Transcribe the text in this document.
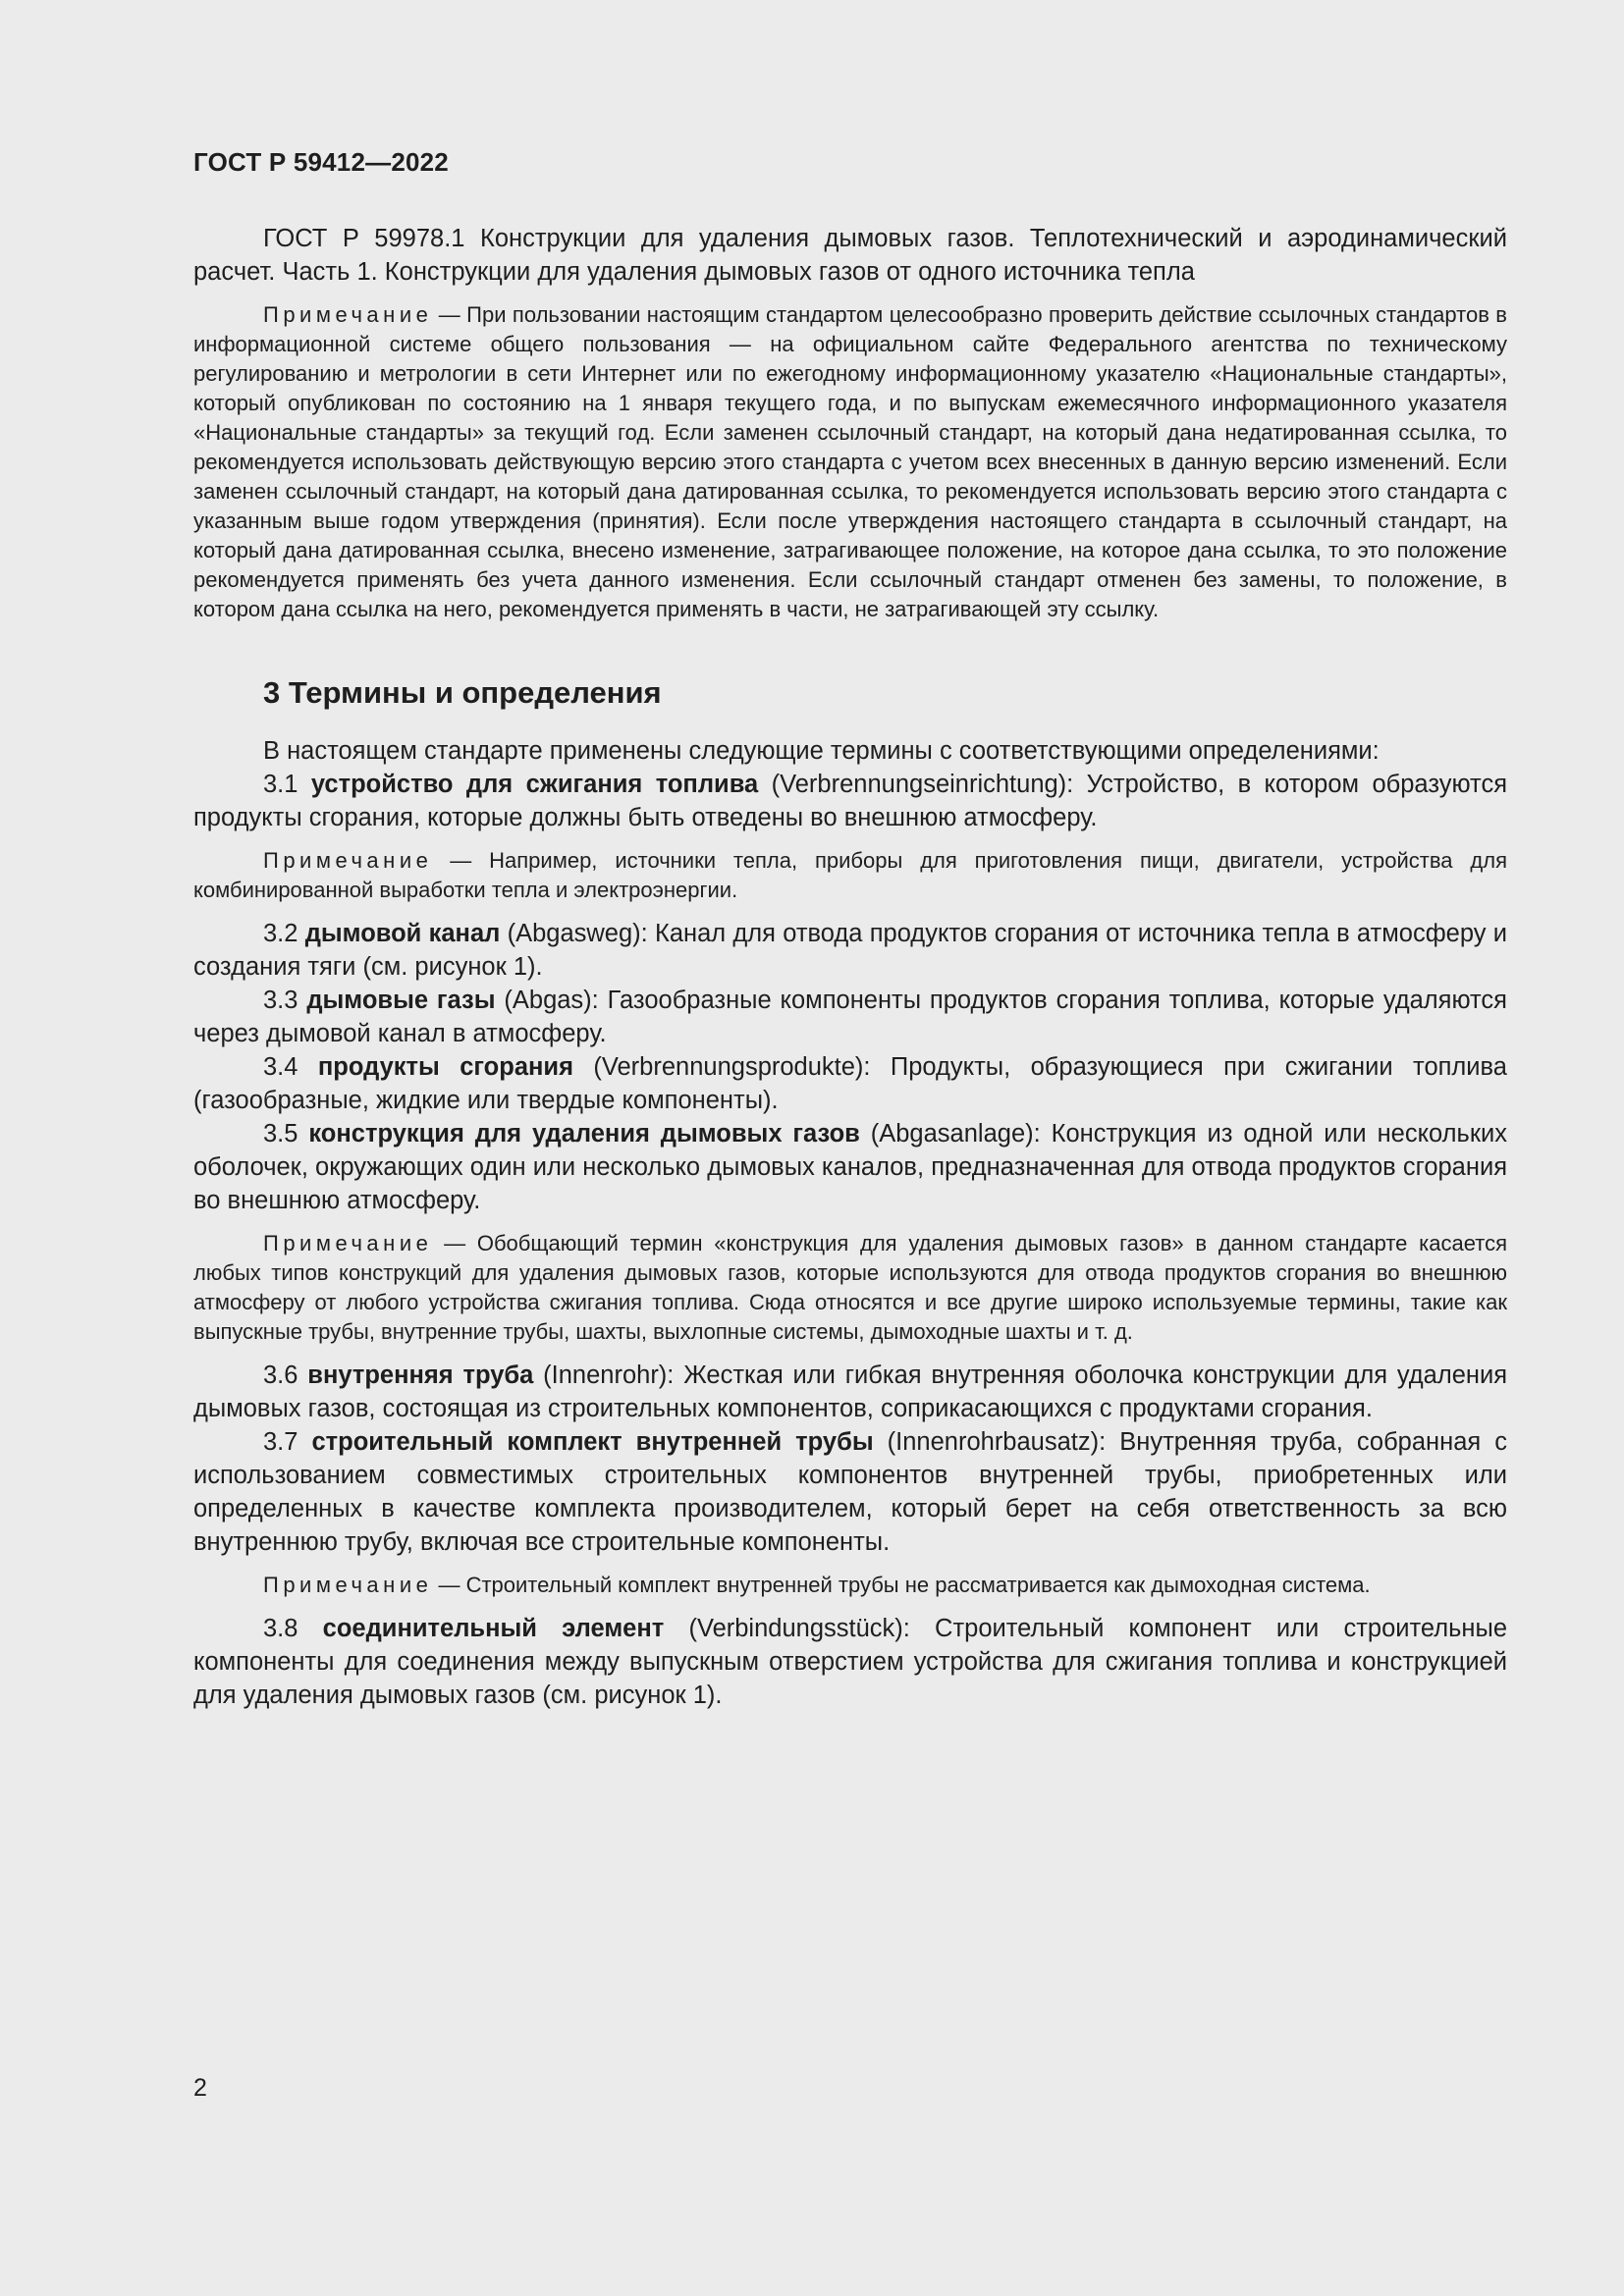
ГОСТ Р 59412—2022

ГОСТ Р 59978.1 Конструкции для удаления дымовых газов. Теплотехнический и аэродинамический расчет. Часть 1. Конструкции для удаления дымовых газов от одного источника тепла

Примечание — При пользовании настоящим стандартом целесообразно проверить действие ссылочных стандартов в информационной системе общего пользования — на официальном сайте Федерального агентства по техническому регулированию и метрологии в сети Интернет или по ежегодному информационному указателю «Национальные стандарты», который опубликован по состоянию на 1 января текущего года, и по выпускам ежемесячного информационного указателя «Национальные стандарты» за текущий год. Если заменен ссылочный стандарт, на который дана недатированная ссылка, то рекомендуется использовать действующую версию этого стандарта с учетом всех внесенных в данную версию изменений. Если заменен ссылочный стандарт, на который дана датированная ссылка, то рекомендуется использовать версию этого стандарта с указанным выше годом утверждения (принятия). Если после утверждения настоящего стандарта в ссылочный стандарт, на который дана датированная ссылка, внесено изменение, затрагивающее положение, на которое дана ссылка, то это положение рекомендуется применять без учета данного изменения. Если ссылочный стандарт отменен без замены, то положение, в котором дана ссылка на него, рекомендуется применять в части, не затрагивающей эту ссылку.

3 Термины и определения

В настоящем стандарте применены следующие термины с соответствующими определениями:

3.1 устройство для сжигания топлива (Verbrennungseinrichtung): Устройство, в котором образуются продукты сгорания, которые должны быть отведены во внешнюю атмосферу.

Примечание — Например, источники тепла, приборы для приготовления пищи, двигатели, устройства для комбинированной выработки тепла и электроэнергии.

3.2 дымовой канал (Abgasweg): Канал для отвода продуктов сгорания от источника тепла в атмосферу и создания тяги (см. рисунок 1).

3.3 дымовые газы (Abgas): Газообразные компоненты продуктов сгорания топлива, которые удаляются через дымовой канал в атмосферу.

3.4 продукты сгорания (Verbrennungsprodukte): Продукты, образующиеся при сжигании топлива (газообразные, жидкие или твердые компоненты).

3.5 конструкция для удаления дымовых газов (Abgasanlage): Конструкция из одной или нескольких оболочек, окружающих один или несколько дымовых каналов, предназначенная для отвода продуктов сгорания во внешнюю атмосферу.

Примечание — Обобщающий термин «конструкция для удаления дымовых газов» в данном стандарте касается любых типов конструкций для удаления дымовых газов, которые используются для отвода продуктов сгорания во внешнюю атмосферу от любого устройства сжигания топлива. Сюда относятся и все другие широко используемые термины, такие как выпускные трубы, внутренние трубы, шахты, выхлопные системы, дымоходные шахты и т. д.

3.6 внутренняя труба (Innenrohr): Жесткая или гибкая внутренняя оболочка конструкции для удаления дымовых газов, состоящая из строительных компонентов, соприкасающихся с продуктами сгорания.

3.7 строительный комплект внутренней трубы (Innenrohrbausatz): Внутренняя труба, собранная с использованием совместимых строительных компонентов внутренней трубы, приобретенных или определенных в качестве комплекта производителем, который берет на себя ответственность за всю внутреннюю трубу, включая все строительные компоненты.

Примечание — Строительный комплект внутренней трубы не рассматривается как дымоходная система.

3.8 соединительный элемент (Verbindungsstück): Строительный компонент или строительные компоненты для соединения между выпускным отверстием устройства для сжигания топлива и конструкцией для удаления дымовых газов (см. рисунок 1).

2
